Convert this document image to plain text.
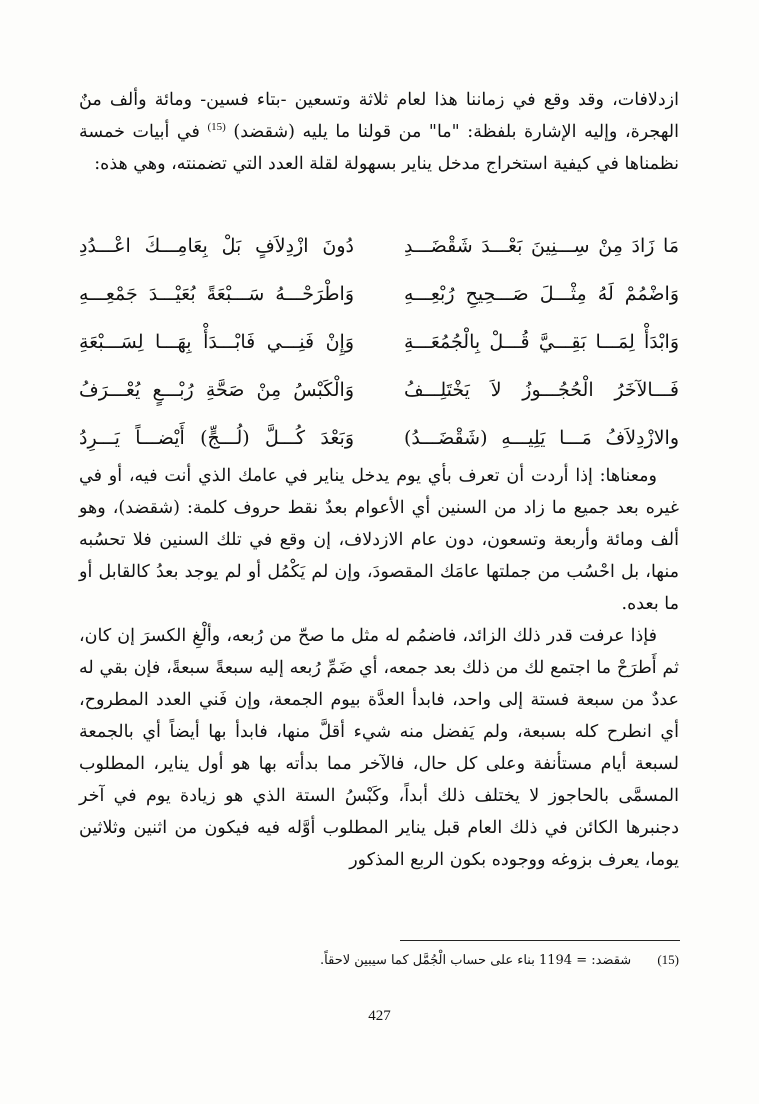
ازدلافات، وقد وقع في زماننا هذا لعام ثلاثة وتسعين -بتاء فسين- ومائة وألف منٌ الهجرة، وإليه الإشارة بلفظة: "ما" من قولنا ما يليه (شقضد) $^{(15)}$ في أبيات خمسة نظمناها في كيفية استخراج مدخل يناير بسهولة لقلة العدد التي تضمنته، وهي هذه:

مَا زَادَ مِنْ سِـــنِينَ بَعْـــدَ شَقْضَـــدِ
دُونَ ازْدِلاَفٍ بَلْ بِعَامِـــكَ اعْـــدُدِ
وَاضْمُمْ لَهُ مِثْـــلَ صَـــحِيحِ رُبْعِـــهِ
وَاطْرَحْـــهُ سَـــبْعَةً بُعَيْـــدَ جَمْعِـــهِ
وَابْدَأْ لِمَـــا بَقِـــيَّ قُـــلْ بِالْجُمُعَـــةِ
وَإِنْ فَنِـــي فَابْـــدَأْ بِهَـــا لِسَـــبْعَةِ
فَـــالآخَرُ الْحُجُـــوزُ لاَ يَخْتَلِـــفُ
وَالْكَبْسُ مِنْ صَحَّةِ رُبْـــعٍ يُعْـــرَفُ
والازْدِلاَفُ مَـــا يَلِيـــهِ (شَقْضَـــدُ)
وَبَعْدَ كُـــلَّ (لُـــجٍّ) أَيْضـــاً يَـــرِدُ

ومعناها: إذا أردت أن تعرف بأي يوم يدخل يناير في عامك الذي أنت فيه، أو في غيره بعد جميع ما زاد من السنين أي الأعوام بعدٌ نقط حروف كلمة: (شقضد)، وهو ألف ومائة وأربعة وتسعون، دون عام الازدلاف، إن وقع في تلك السنين فلا تحسُبه منها، بل احْسُب من جملتها عامَك المقصودَ، وإن لم يَكْمُل أو لم يوجد بعدُ كالقابل أو ما بعده.

فإذا عرفت قدر ذلك الزائد، فاضمُم له مثل ما صحّ من رُبعه، وألْغِ الكسرَ إن كان، ثم أَطرَحْ ما اجتمع لك من ذلك بعد جمعه، أي ضَمِّ رُبعه إليه سبعةً سبعةً، فإن بقي له عددٌ من سبعة فستة إلى واحد، فابدأ العدَّة بيوم الجمعة، وإن فَني العدد المطروح، أي انطرح كله بسبعة، ولم يَفضل منه شيء أقلَّ منها، فابدأ بها أيضاً أي بالجمعة لسبعة أيام مستأنفة وعلى كل حال، فالآخر مما بدأته بها هو أول يناير، المطلوب المسمَّى بالحاجوز لا يختلف ذلك أبداً، وكَبْسُ الستة الذي هو زيادة يوم في آخر دجنبرها الكائن في ذلك العام قبل يناير المطلوب أوَّله فيه فيكون من اثنين وثلاثين يوما، يعرف بزوغه ووجوده بكون الربع المذكور

(15) شقضد: = 1194 بناء على حساب الْجُمَّل كما سيبين لاحقاً.
427
